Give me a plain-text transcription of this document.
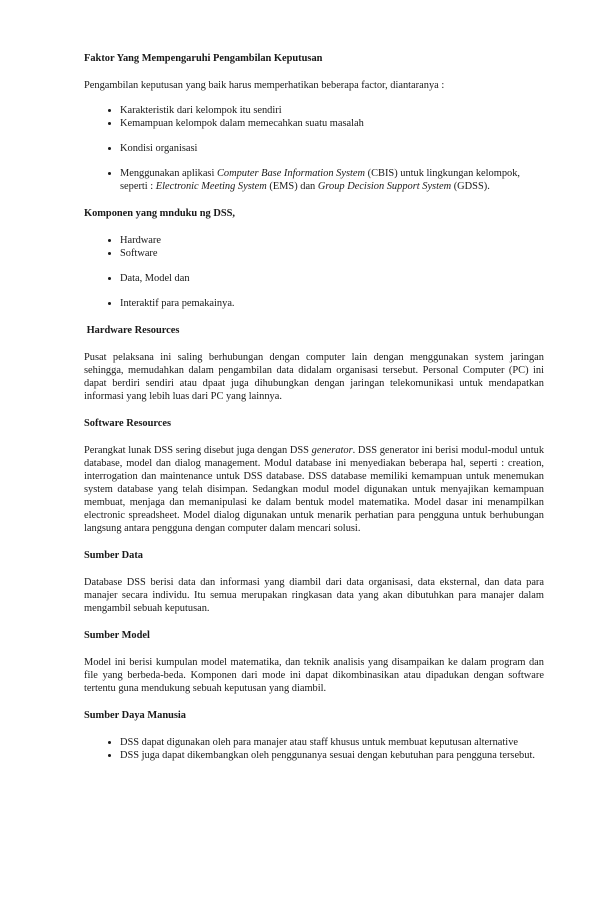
Faktor Yang Mempengaruhi Pengambilan Keputusan

Pengambilan keputusan yang baik harus memperhatikan beberapa factor, diantaranya :

• Karakteristik dari kelompok itu sendiri
• Kemampuan kelompok dalam memecahkan suatu masalah
• Kondisi organisasi
• Menggunakan aplikasi Computer Base Information System (CBIS) untuk lingkungan kelompok, seperti : Electronic Meeting System (EMS) dan Group Decision Support System (GDSS).
Komponen yang mnduku ng DSS,
• Hardware
• Software
• Data, Model dan
• Interaktif para pemakainya.
Hardware Resources

Pusat pelaksana ini saling berhubungan dengan computer lain dengan menggunakan system jaringan sehingga, memudahkan dalam pengambilan data didalam organisasi tersebut. Personal Computer (PC) ini dapat berdiri sendiri atau dpaat juga dihubungkan dengan jaringan telekomunikasi untuk mendapatkan informasi yang lebih luas dari PC yang lainnya.

Software Resources

Perangkat lunak DSS sering disebut juga dengan DSS generator. DSS generator ini berisi modul-modul untuk database, model dan dialog management. Modul database ini menyediakan beberapa hal, seperti : creation, interrogation dan maintenance untuk DSS database. DSS database memiliki kemampuan untuk menemukan system database yang telah disimpan. Sedangkan modul model digunakan untuk menyajikan kemampuan membuat, menjaga dan memanipulasi ke dalam bentuk model matematika. Model dasar ini menampilkan electronic spreadsheet. Model dialog digunakan untuk menarik perhatian para pengguna untuk berhubungan langsung antara pengguna dengan computer dalam mencari solusi.

Sumber Data

Database DSS berisi data dan informasi yang diambil dari data organisasi, data eksternal, dan data para manajer secara individu. Itu semua merupakan ringkasan data yang akan dibutuhkan para manajer dalam mengambil sebuah keputusan.

Sumber Model

Model ini berisi kumpulan model matematika, dan teknik analisis yang disampaikan ke dalam program dan file yang berbeda-beda. Komponen dari mode ini dapat dikombinasikan atau dipadukan dengan software tertentu guna mendukung sebuah keputusan yang diambil.

Sumber Daya Manusia
• DSS dapat digunakan oleh para manajer atau staff khusus untuk membuat keputusan alternative
• DSS juga dapat dikembangkan oleh penggunanya sesuai dengan kebutuhan para pengguna tersebut.
